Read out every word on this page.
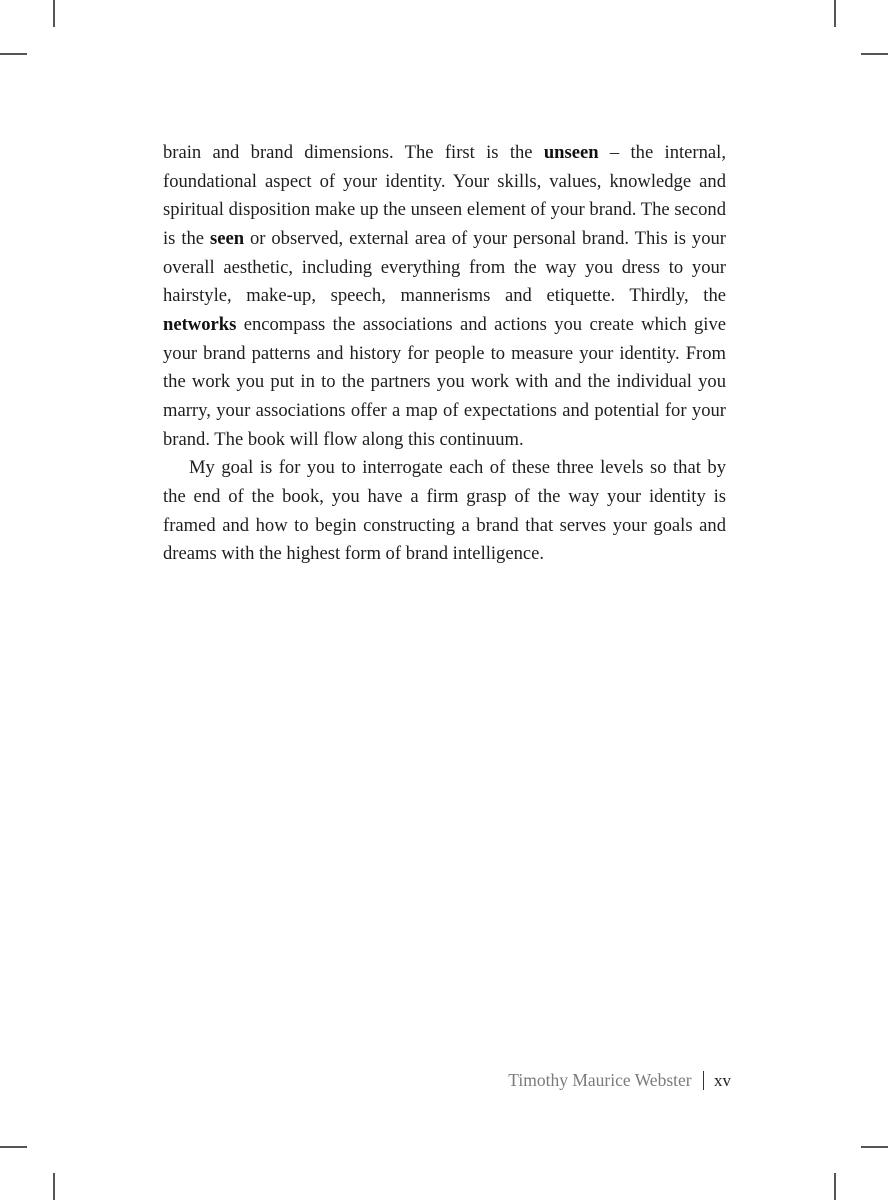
brain and brand dimensions. The first is the unseen – the internal, foundational aspect of your identity. Your skills, values, knowledge and spiritual disposition make up the unseen element of your brand. The second is the seen or observed, external area of your personal brand. This is your overall aesthetic, including everything from the way you dress to your hairstyle, make-up, speech, mannerisms and etiquette. Thirdly, the networks encompass the associations and actions you create which give your brand patterns and history for people to measure your identity. From the work you put in to the partners you work with and the individual you marry, your associations offer a map of expectations and potential for your brand. The book will flow along this continuum.

My goal is for you to interrogate each of these three levels so that by the end of the book, you have a firm grasp of the way your identity is framed and how to begin constructing a brand that serves your goals and dreams with the highest form of brand intelligence.

Timothy Maurice Webster xv
